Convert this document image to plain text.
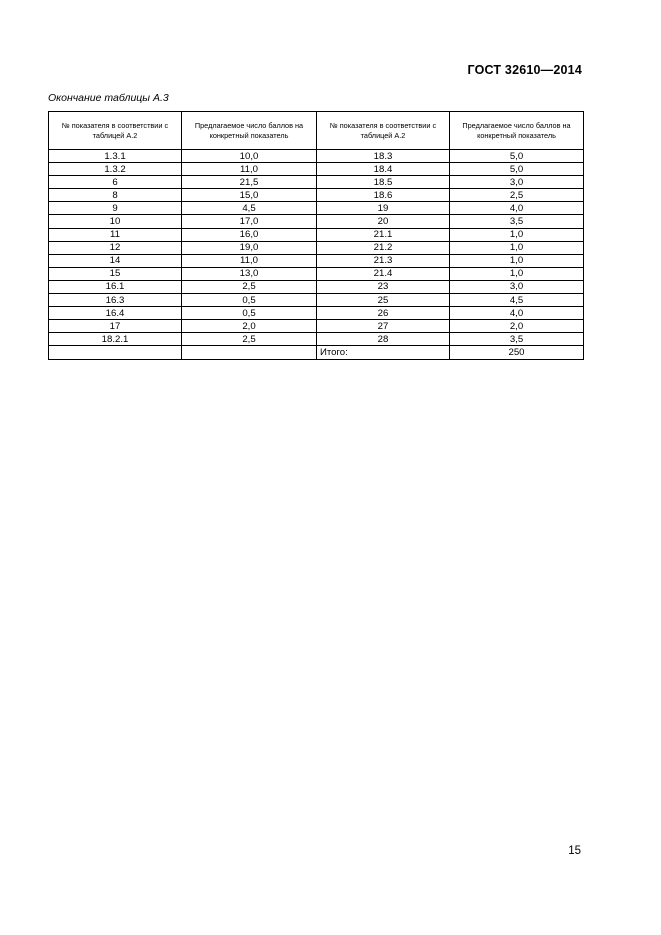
ГОСТ 32610—2014
Окончание таблицы А.3
№ показателя в соответствии с таблицей А.2	Предлагаемое число баллов на конкретный показатель	№ показателя в соответствии с таблицей А.2	Предлагаемое число баллов на конкретный показатель
1.3.1	10,0	18.3	5,0
1.3.2	11,0	18.4	5,0
6	21,5	18.5	3,0
8	15,0	18.6	2,5
9	4,5	19	4,0
10	17,0	20	3,5
11	16,0	21.1	1,0
12	19,0	21.2	1,0
14	11,0	21.3	1,0
15	13,0	21.4	1,0
16.1	2,5	23	3,0
16.3	0,5	25	4,5
16.4	0,5	26	4,0
17	2,0	27	2,0
18.2.1	2,5	28	3,5
		Итого:	250
15
